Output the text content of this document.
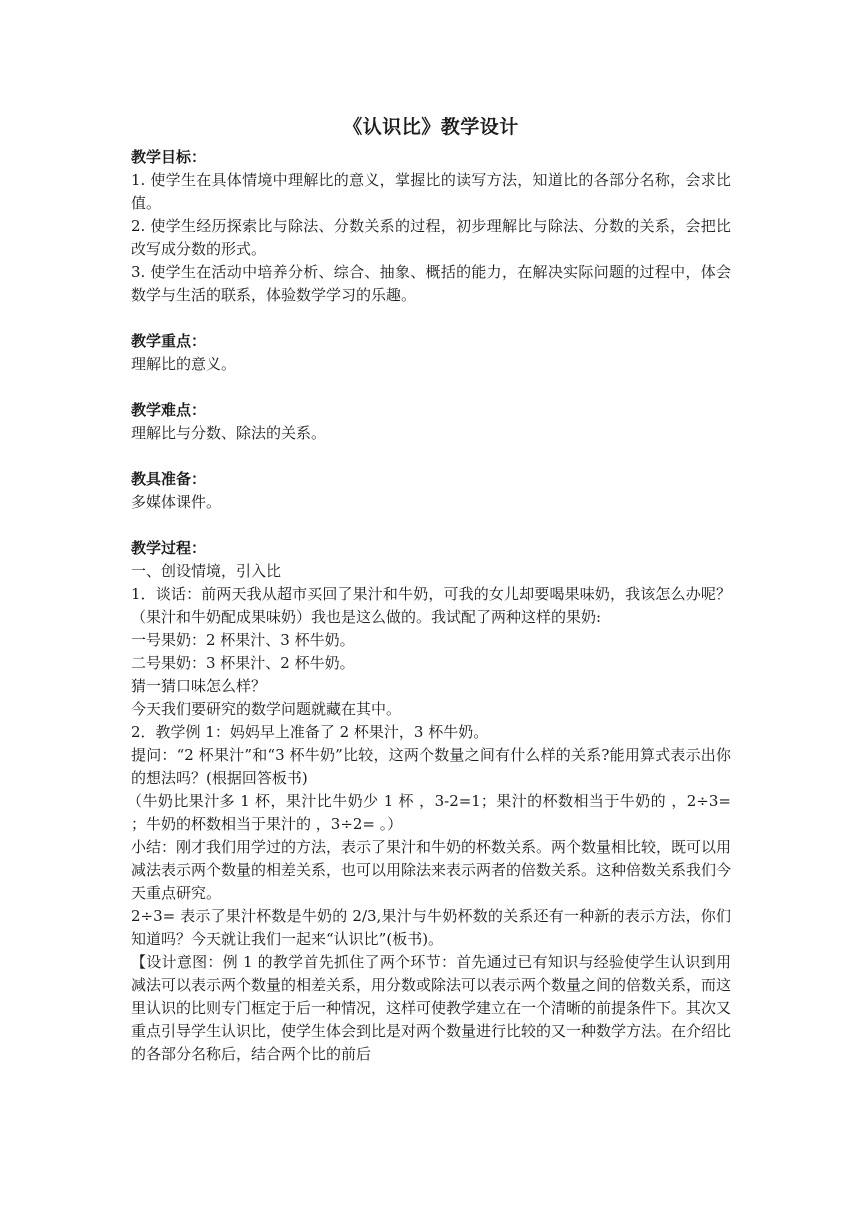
《认识比》教学设计
教学目标：
1. 使学生在具体情境中理解比的意义，掌握比的读写方法，知道比的各部分名称，会求比值。
2. 使学生经历探索比与除法、分数关系的过程，初步理解比与除法、分数的关系，会把比改写成分数的形式。
3. 使学生在活动中培养分析、综合、抽象、概括的能力，在解决实际问题的过程中，体会数学与生活的联系，体验数学学习的乐趣。
教学重点：
理解比的意义。
教学难点：
理解比与分数、除法的关系。
教具准备：
多媒体课件。
教学过程：
一、创设情境，引入比
1．谈话：前两天我从超市买回了果汁和牛奶，可我的女儿却要喝果味奶，我该怎么办呢？（果汁和牛奶配成果味奶）我也是这么做的。我试配了两种这样的果奶:
一号果奶：2 杯果汁、3 杯牛奶。
二号果奶：3 杯果汁、2 杯牛奶。
猜一猜口味怎么样？
今天我们要研究的数学问题就藏在其中。
2．教学例 1：妈妈早上准备了 2 杯果汁，3 杯牛奶。
提问：“2 杯果汁”和“3 杯牛奶”比较，这两个数量之间有什么样的关系?能用算式表示出你的想法吗？(根据回答板书)
（牛奶比果汁多 1 杯，果汁比牛奶少 1 杯 ，3-2=1；果汁的杯数相当于牛奶的 ，2÷3= ；牛奶的杯数相当于果汁的 ，3÷2= 。）
小结：刚才我们用学过的方法，表示了果汁和牛奶的杯数关系。两个数量相比较，既可以用减法表示两个数量的相差关系，也可以用除法来表示两者的倍数关系。这种倍数关系我们今天重点研究。
2÷3= 表示了果汁杯数是牛奶的 2/3,果汁与牛奶杯数的关系还有一种新的表示方法，你们知道吗？今天就让我们一起来“认识比”(板书)。
【设计意图：例 1 的教学首先抓住了两个环节：首先通过已有知识与经验使学生认识到用减法可以表示两个数量的相差关系，用分数或除法可以表示两个数量之间的倍数关系，而这里认识的比则专门框定于后一种情况，这样可使教学建立在一个清晰的前提条件下。其次又重点引导学生认识比，使学生体会到比是对两个数量进行比较的又一种数学方法。在介绍比的各部分名称后，结合两个比的前后
